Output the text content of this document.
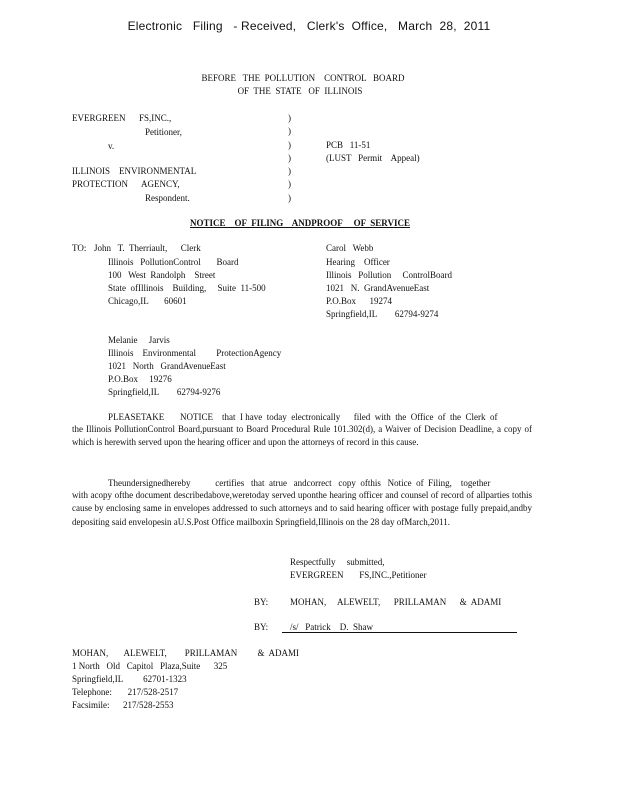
Electronic   Filing   - Received,   Clerk's  Office,   March  28,  2011
BEFORE   THE  POLLUTION    CONTROL   BOARD
OF  THE  STATE   OF  ILLINOIS
EVERGREEN      FS,INC.,
Petitioner,
v.
ILLINOIS    ENVIRONMENTAL
PROTECTION      AGENCY,
Respondent.
)
)
)
)
)
)
)
PCB   11-51
(LUST   Permit    Appeal)
NOTICE    OF  FILING    ANDPROOF     OF  SERVICE
TO: John   T.  Therriault,      Clerk
Illinois   PollutionControl       Board
100   West  Randolph    Street
State  ofIllinois    Building,     Suite  11-500
Chicago,IL       60601
Carol   Webb
Hearing    Officer
Illinois   Pollution     ControlBoard
1021   N.  GrandAvenueEast
P.O.Box      19274
Springfield,IL        62794-9274
Melanie     Jarvis
Illinois    Environmental         ProtectionAgency
1021   North   GrandAvenueEast
P.O.Box     19276
Springfield,IL        62794-9276
PLEASETAKE       NOTICE    that  I have  today  electronically      filed  with  the  Office  of  the  Clerk  of
the Illinois PollutionControl Board,pursuant to Board Procedural Rule 101.302(d), a Waiver of Decision Deadline, a copy of which is herewith served upon the hearing officer and upon the attorneys of record in this cause.
Theundersignedhereby           certifies   that  atrue   andcorrect   copy  ofthis   Notice  of  Filing,    together
with acopy ofthe document describedabove,weretoday served uponthe hearing officer and counsel of record of allparties tothis cause by enclosing same in envelopes addressed to such attorneys and to said hearing officer with postage fully prepaid,andby depositing said envelopesin aU.S.Post Office mailboxin Springfield,Illinois on the 28 day ofMarch,2011.
Respectfully     submitted,
EVERGREEN       FS,INC.,Petitioner
BY: MOHAN,     ALEWELT,      PRILLAMAN      &  ADAMI
BY: /s/   Patrick    D.  Shaw
MOHAN,       ALEWELT,        PRILLAMAN         &  ADAMI
1 North   Old   Capitol   Plaza,Suite      325
Springfield,IL         62701-1323
Telephone:       217/528-2517
Facsimile:      217/528-2553
